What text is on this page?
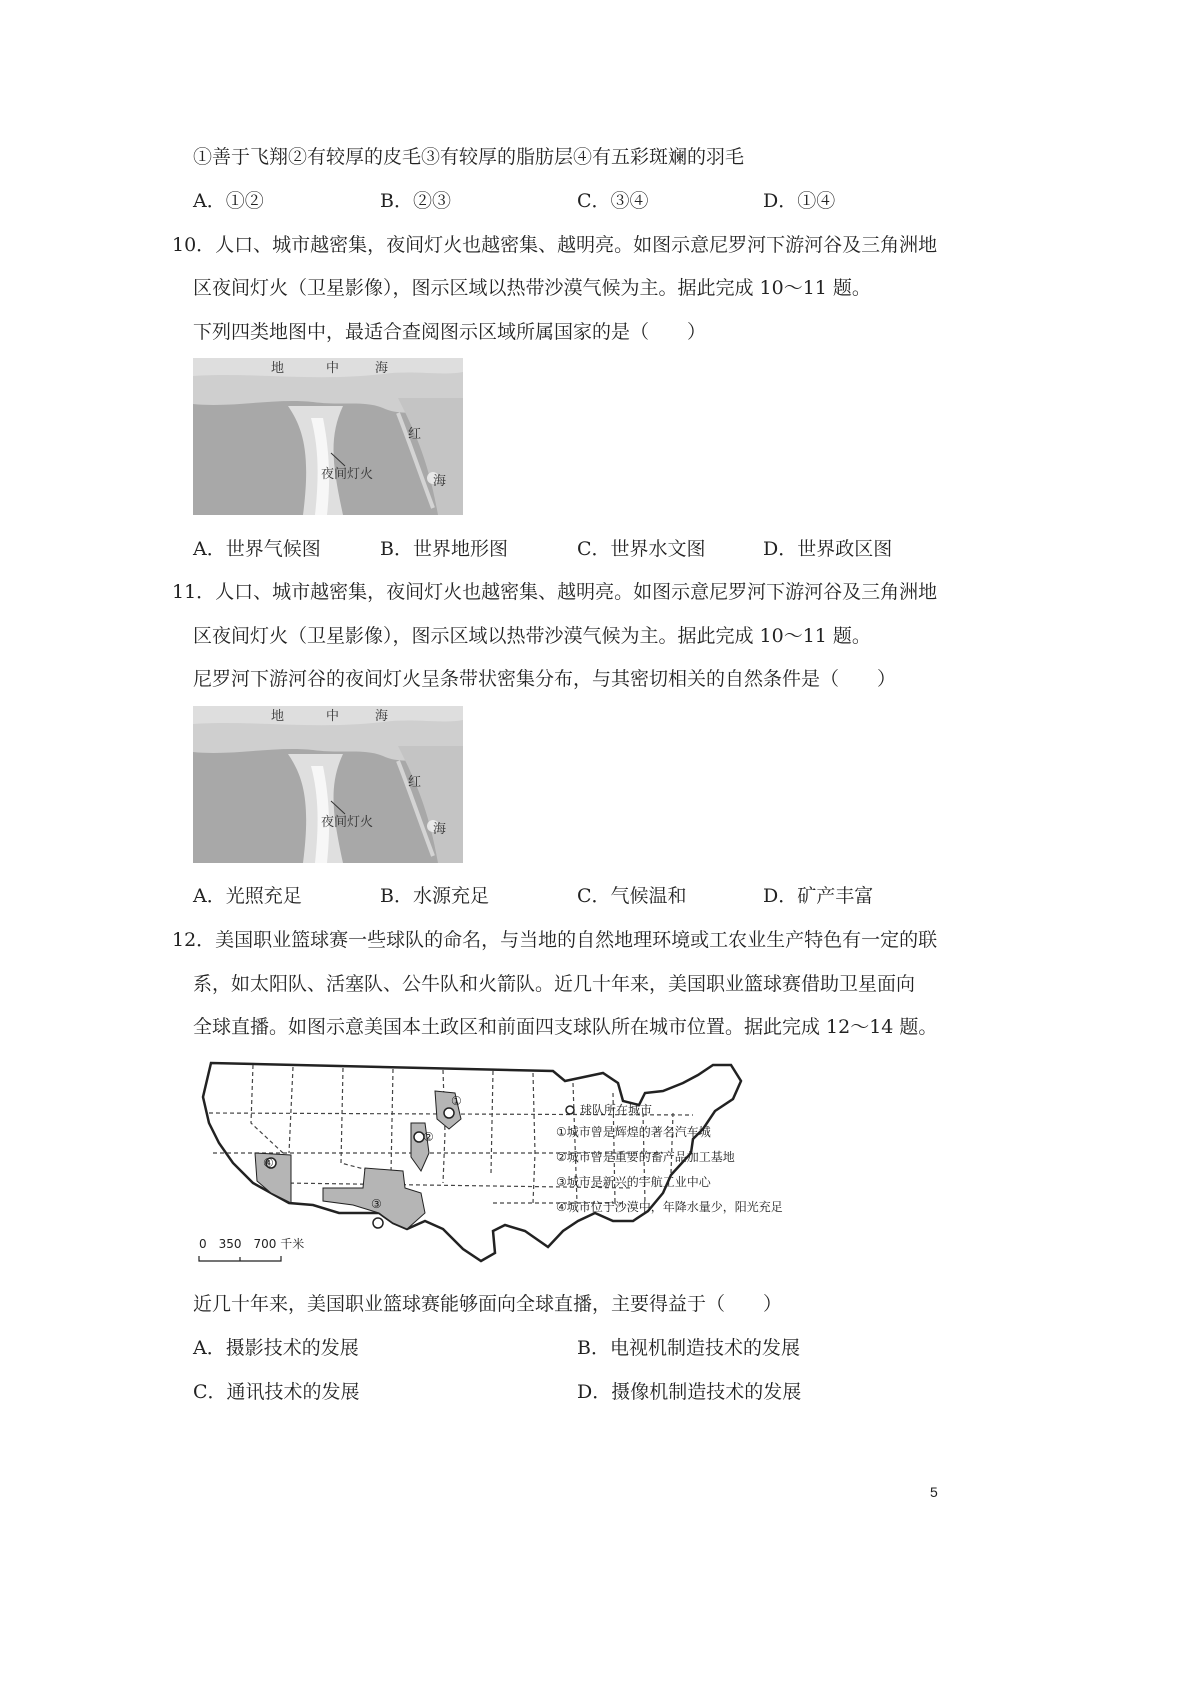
①善于飞翔②有较厚的皮毛③有较厚的脂肪层④有五彩斑斓的羽毛
A．①②	B．②③	C．③④	D．①④
10．人口、城市越密集，夜间灯火也越密集、越明亮。如图示意尼罗河下游河谷及三角洲地
区夜间灯火（卫星影像），图示区域以热带沙漠气候为主。据此完成 10～11 题。
下列四类地图中，最适合查阅图示区域所属国家的是（　　）
地	中	海
红
海
夜间灯火
A．世界气候图	B．世界地形图	C．世界水文图	D．世界政区图
11．人口、城市越密集，夜间灯火也越密集、越明亮。如图示意尼罗河下游河谷及三角洲地
区夜间灯火（卫星影像），图示区域以热带沙漠气候为主。据此完成 10～11 题。
尼罗河下游河谷的夜间灯火呈条带状密集分布，与其密切相关的自然条件是（　　）
地	中	海
红
海
夜间灯火
A．光照充足	B．水源充足	C．气候温和	D．矿产丰富
12．美国职业篮球赛一些球队的命名，与当地的自然地理环境或工农业生产特色有一定的联
系，如太阳队、活塞队、公牛队和火箭队。近几十年来，美国职业篮球赛借助卫星面向
全球直播。如图示意美国本土政区和前面四支球队所在城市位置。据此完成 12～14 题。
④
③
②
①
0　350　700 千米
球队所在城市
①城市曾是辉煌的著名汽车城
②城市曾是重要的畜产品加工基地
③城市是新兴的宇航工业中心
④城市位于沙漠中，年降水量少，阳光充足
近几十年来，美国职业篮球赛能够面向全球直播，主要得益于（　　）
A．摄影技术的发展	B．电视机制造技术的发展
C．通讯技术的发展	D．摄像机制造技术的发展
5
